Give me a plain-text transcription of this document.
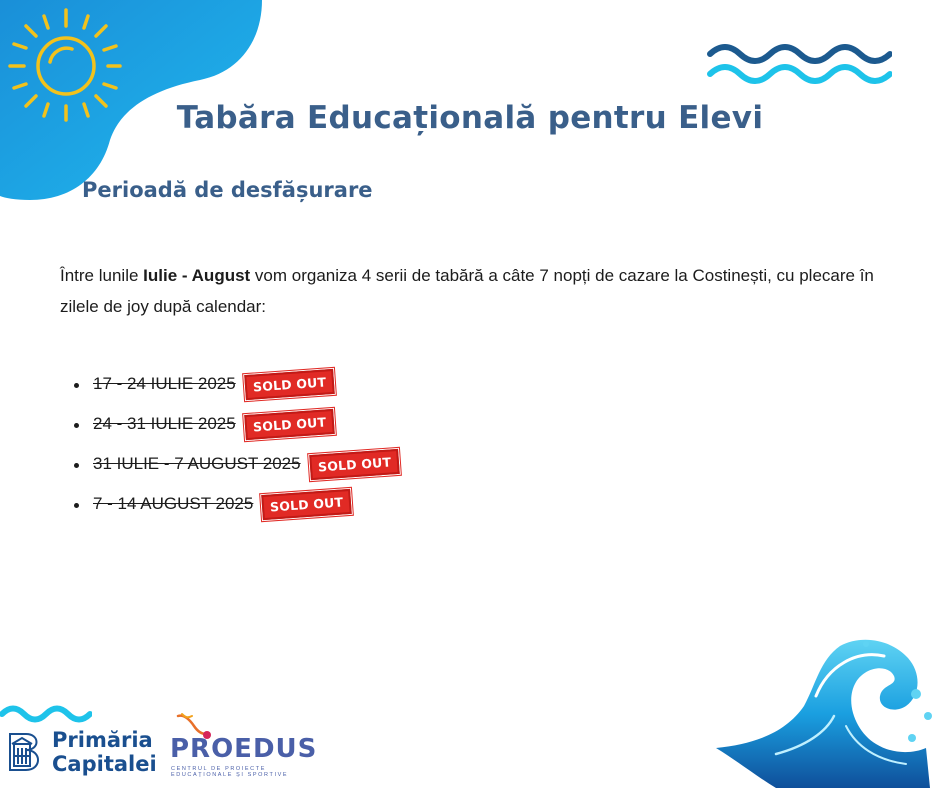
Tabăra Educațională pentru Elevi
Perioadă de desfășurare
Între lunile Iulie - August vom organiza 4 serii de tabără a câte 7 nopți de cazare la Costinești, cu plecare în zilele de joy după calendar:
17 - 24 IULIE 2025	SOLD OUT
24 - 31 IULIE 2025	SOLD OUT
31 IULIE - 7 AUGUST 2025	SOLD OUT
7 - 14 AUGUST 2025	SOLD OUT
Primăria
Capitalei PROEDUS
CENTRUL DE PROIECTE EDUCAȚIONALE ȘI SPORTIVE
